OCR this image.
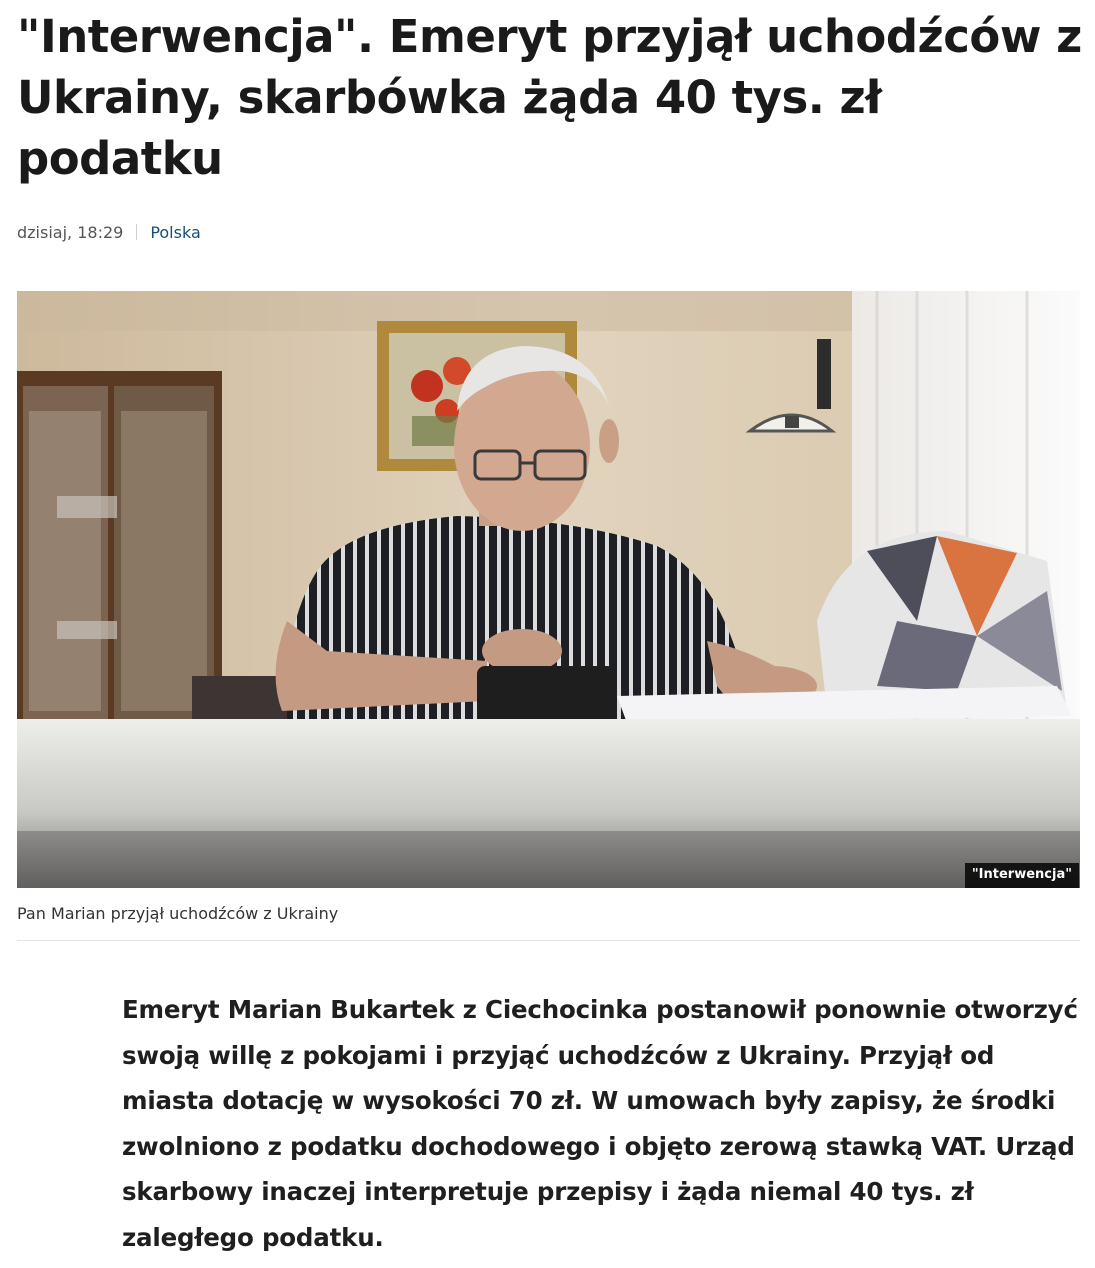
"Interwencja". Emeryt przyjął uchodźców z Ukrainy, skarbówka żąda 40 tys. zł podatku
dzisiaj, 18:29 Polska
"Interwencja"
Pan Marian przyjął uchodźców z Ukrainy

Emeryt Marian Bukartek z Ciechocinka postanowił ponownie otworzyć swoją willę z pokojami i przyjąć uchodźców z Ukrainy. Przyjął od miasta dotację w wysokości 70 zł. W umowach były zapisy, że środki zwolniono z podatku dochodowego i objęto zerową stawką VAT. Urząd skarbowy inaczej interpretuje przepisy i żąda niemal 40 tys. zł zaległego podatku.
